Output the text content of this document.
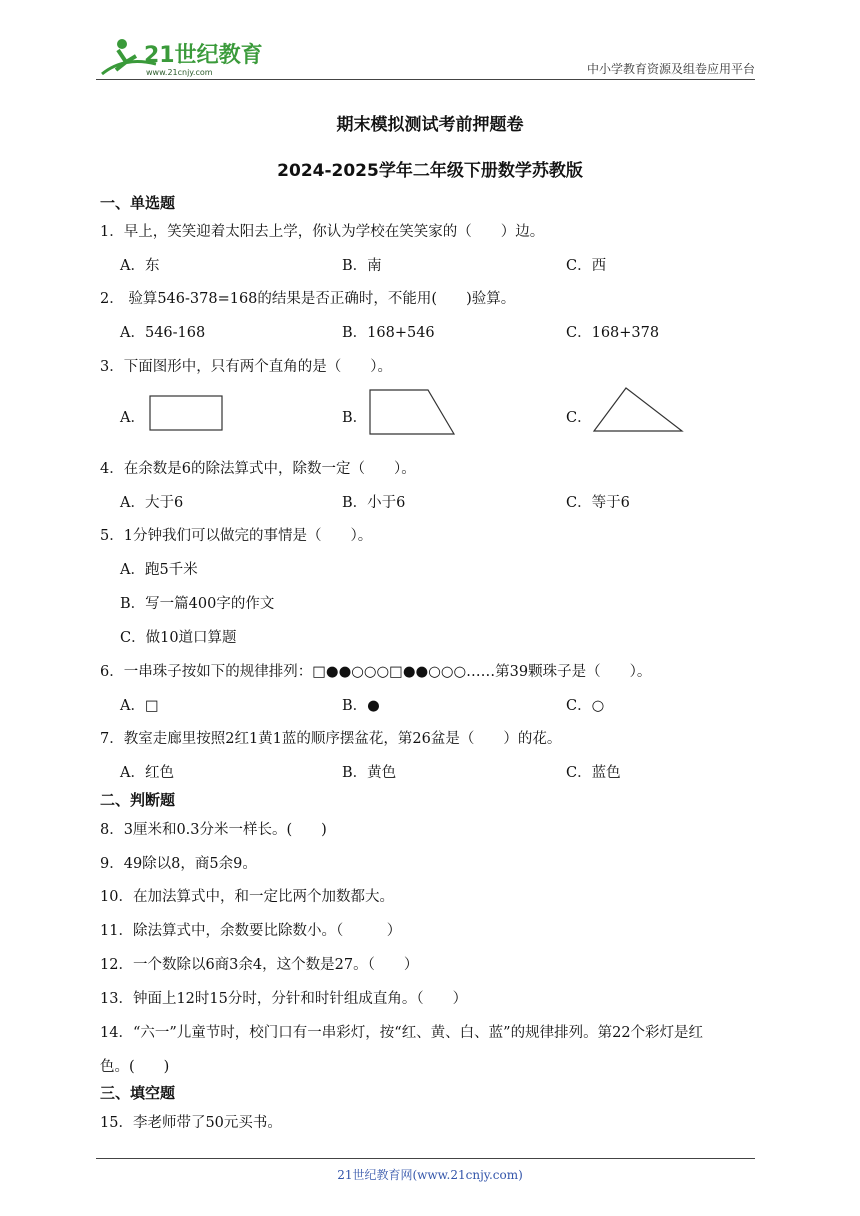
21世纪教育
www.21cnjy.com	中小学教育资源及组卷应用平台
期末模拟测试考前押题卷
2024-2025学年二年级下册数学苏教版
一、单选题
1．早上，笑笑迎着太阳去上学，你认为学校在笑笑家的（　　）边。
A．东	B．南	C．西
2． 验算546-378=168的结果是否正确时，不能用(　　)验算。
A．546-168	B．168+546	C．168+378
3．下面图形中，只有两个直角的是（　　）。
A．	B．	C．
4．在余数是6的除法算式中，除数一定（　　）。
A．大于6	B．小于6	C．等于6
5．1分钟我们可以做完的事情是（　　）。
A．跑5千米
B．写一篇400字的作文
C．做10道口算题
6．一串珠子按如下的规律排列：□●●○○○□●●○○○……第39颗珠子是（　　）。
A．□	B．●	C．○
7．教室走廊里按照2红1黄1蓝的顺序摆盆花，第26盆是（　　）的花。
A．红色	B．黄色	C．蓝色
二、判断题
8．3厘米和0.3分米一样长。(　　)
9．49除以8，商5余9。
10．在加法算式中，和一定比两个加数都大。
11．除法算式中，余数要比除数小。（　　　）
12．一个数除以6商3余4，这个数是27。（　　）
13．钟面上12时15分时，分针和时针组成直角。（　　）
14．“六一”儿童节时，校门口有一串彩灯，按“红、黄、白、蓝”的规律排列。第22个彩灯是红
色。(　　)
三、填空题
15．李老师带了50元买书。
21世纪教育网(www.21cnjy.com)
